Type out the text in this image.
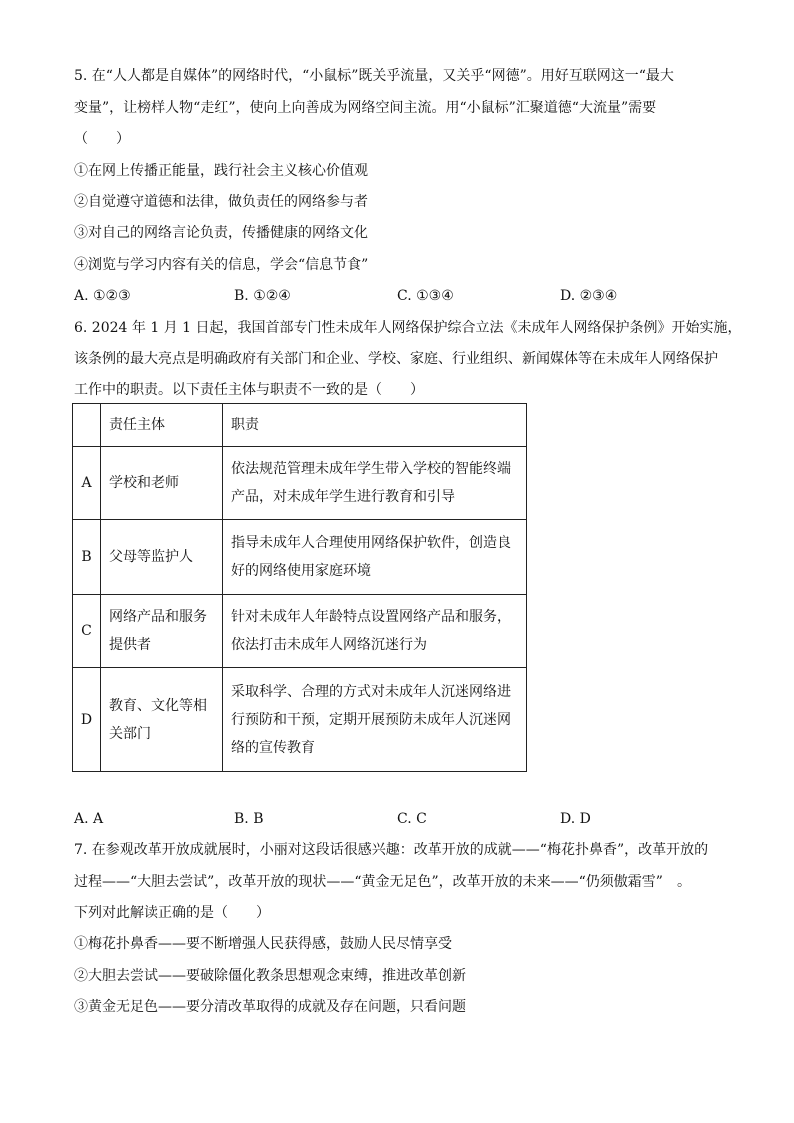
5. 在“人人都是自媒体”的网络时代，“小鼠标”既关乎流量，又关乎“网德”。用好互联网这一“最大
变量”，让榜样人物“走红”，使向上向善成为网络空间主流。用“小鼠标”汇聚道德“大流量”需要
（　　）
①在网上传播正能量，践行社会主义核心价值观
②自觉遵守道德和法律，做负责任的网络参与者
③对自己的网络言论负责，传播健康的网络文化
④浏览与学习内容有关的信息，学会“信息节食”
A. ①②③	B. ①②④	C. ①③④	D. ②③④
6. 2024 年 1 月 1 日起，我国首部专门性未成年人网络保护综合立法《未成年人网络保护条例》开始实施，
该条例的最大亮点是明确政府有关部门和企业、学校、家庭、行业组织、新闻媒体等在未成年人网络保护
工作中的职责。以下责任主体与职责不一致的是（　　）
	责任主体	职责
A	学校和老师	依法规范管理未成年学生带入学校的智能终端产品，对未成年学生进行教育和引导
B	父母等监护人	指导未成年人合理使用网络保护软件，创造良好的网络使用家庭环境
C	网络产品和服务提供者	针对未成年人年龄特点设置网络产品和服务，依法打击未成年人网络沉迷行为
D	教育、文化等相关部门	采取科学、合理的方式对未成年人沉迷网络进行预防和干预，定期开展预防未成年人沉迷网络的宣传教育
A. A	B. B	C. C	D. D
7. 在参观改革开放成就展时，小丽对这段话很感兴趣：改革开放的成就——“梅花扑鼻香”，改革开放的
过程——“大胆去尝试”，改革开放的现状——“黄金无足色”，改革开放的未来——“仍须傲霜雪”　。
下列对此解读正确的是（　　）
①梅花扑鼻香——要不断增强人民获得感，鼓励人民尽情享受
②大胆去尝试——要破除僵化教条思想观念束缚，推进改革创新
③黄金无足色——要分清改革取得的成就及存在问题，只看问题
